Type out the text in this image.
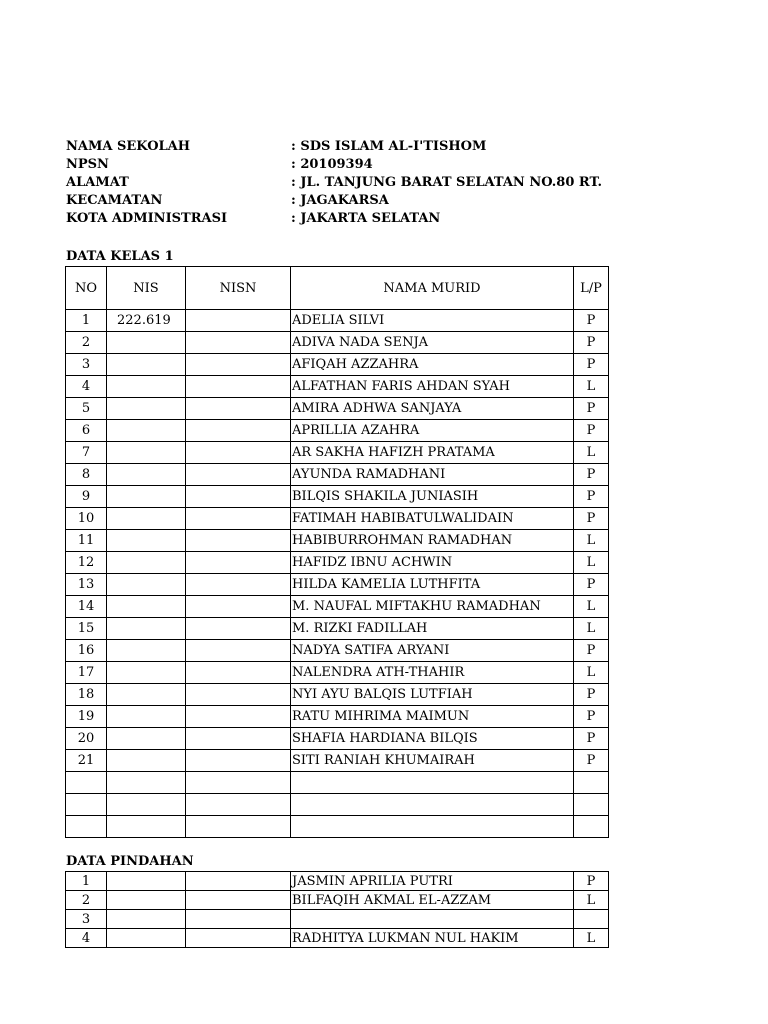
NAMA SEKOLAH	: SDS ISLAM AL-I'TISHOM
NPSN	: 20109394
ALAMAT	: JL. TANJUNG BARAT SELATAN NO.80 RT.
KECAMATAN	: JAGAKARSA
KOTA ADMINISTRASI	: JAKARTA SELATAN
DATA KELAS 1
NO	NIS	NISN	NAMA MURID	L/P
1	222.619		ADELIA SILVI	P
2			ADIVA NADA SENJA	P
3			AFIQAH AZZAHRA	P
4			ALFATHAN FARIS AHDAN SYAH	L
5			AMIRA ADHWA SANJAYA	P
6			APRILLIA AZAHRA	P
7			AR SAKHA HAFIZH PRATAMA	L
8			AYUNDA RAMADHANI	P
9			BILQIS SHAKILA JUNIASIH	P
10			FATIMAH HABIBATULWALIDAIN	P
11			HABIBURROHMAN RAMADHAN	L
12			HAFIDZ IBNU ACHWIN	L
13			HILDA KAMELIA LUTHFITA	P
14			M. NAUFAL MIFTAKHU RAMADHAN	L
15			M. RIZKI FADILLAH	L
16			NADYA SATIFA ARYANI	P
17			NALENDRA ATH-THAHIR	L
18			NYI AYU BALQIS LUTFIAH	P
19			RATU MIHRIMA MAIMUN	P
20			SHAFIA HARDIANA BILQIS	P
21			SITI RANIAH KHUMAIRAH	P

DATA PINDAHAN
1			JASMIN APRILIA PUTRI	P
2			BILFAQIH AKMAL EL-AZZAM	L
3				
4			RADHITYA LUKMAN NUL HAKIM	L
